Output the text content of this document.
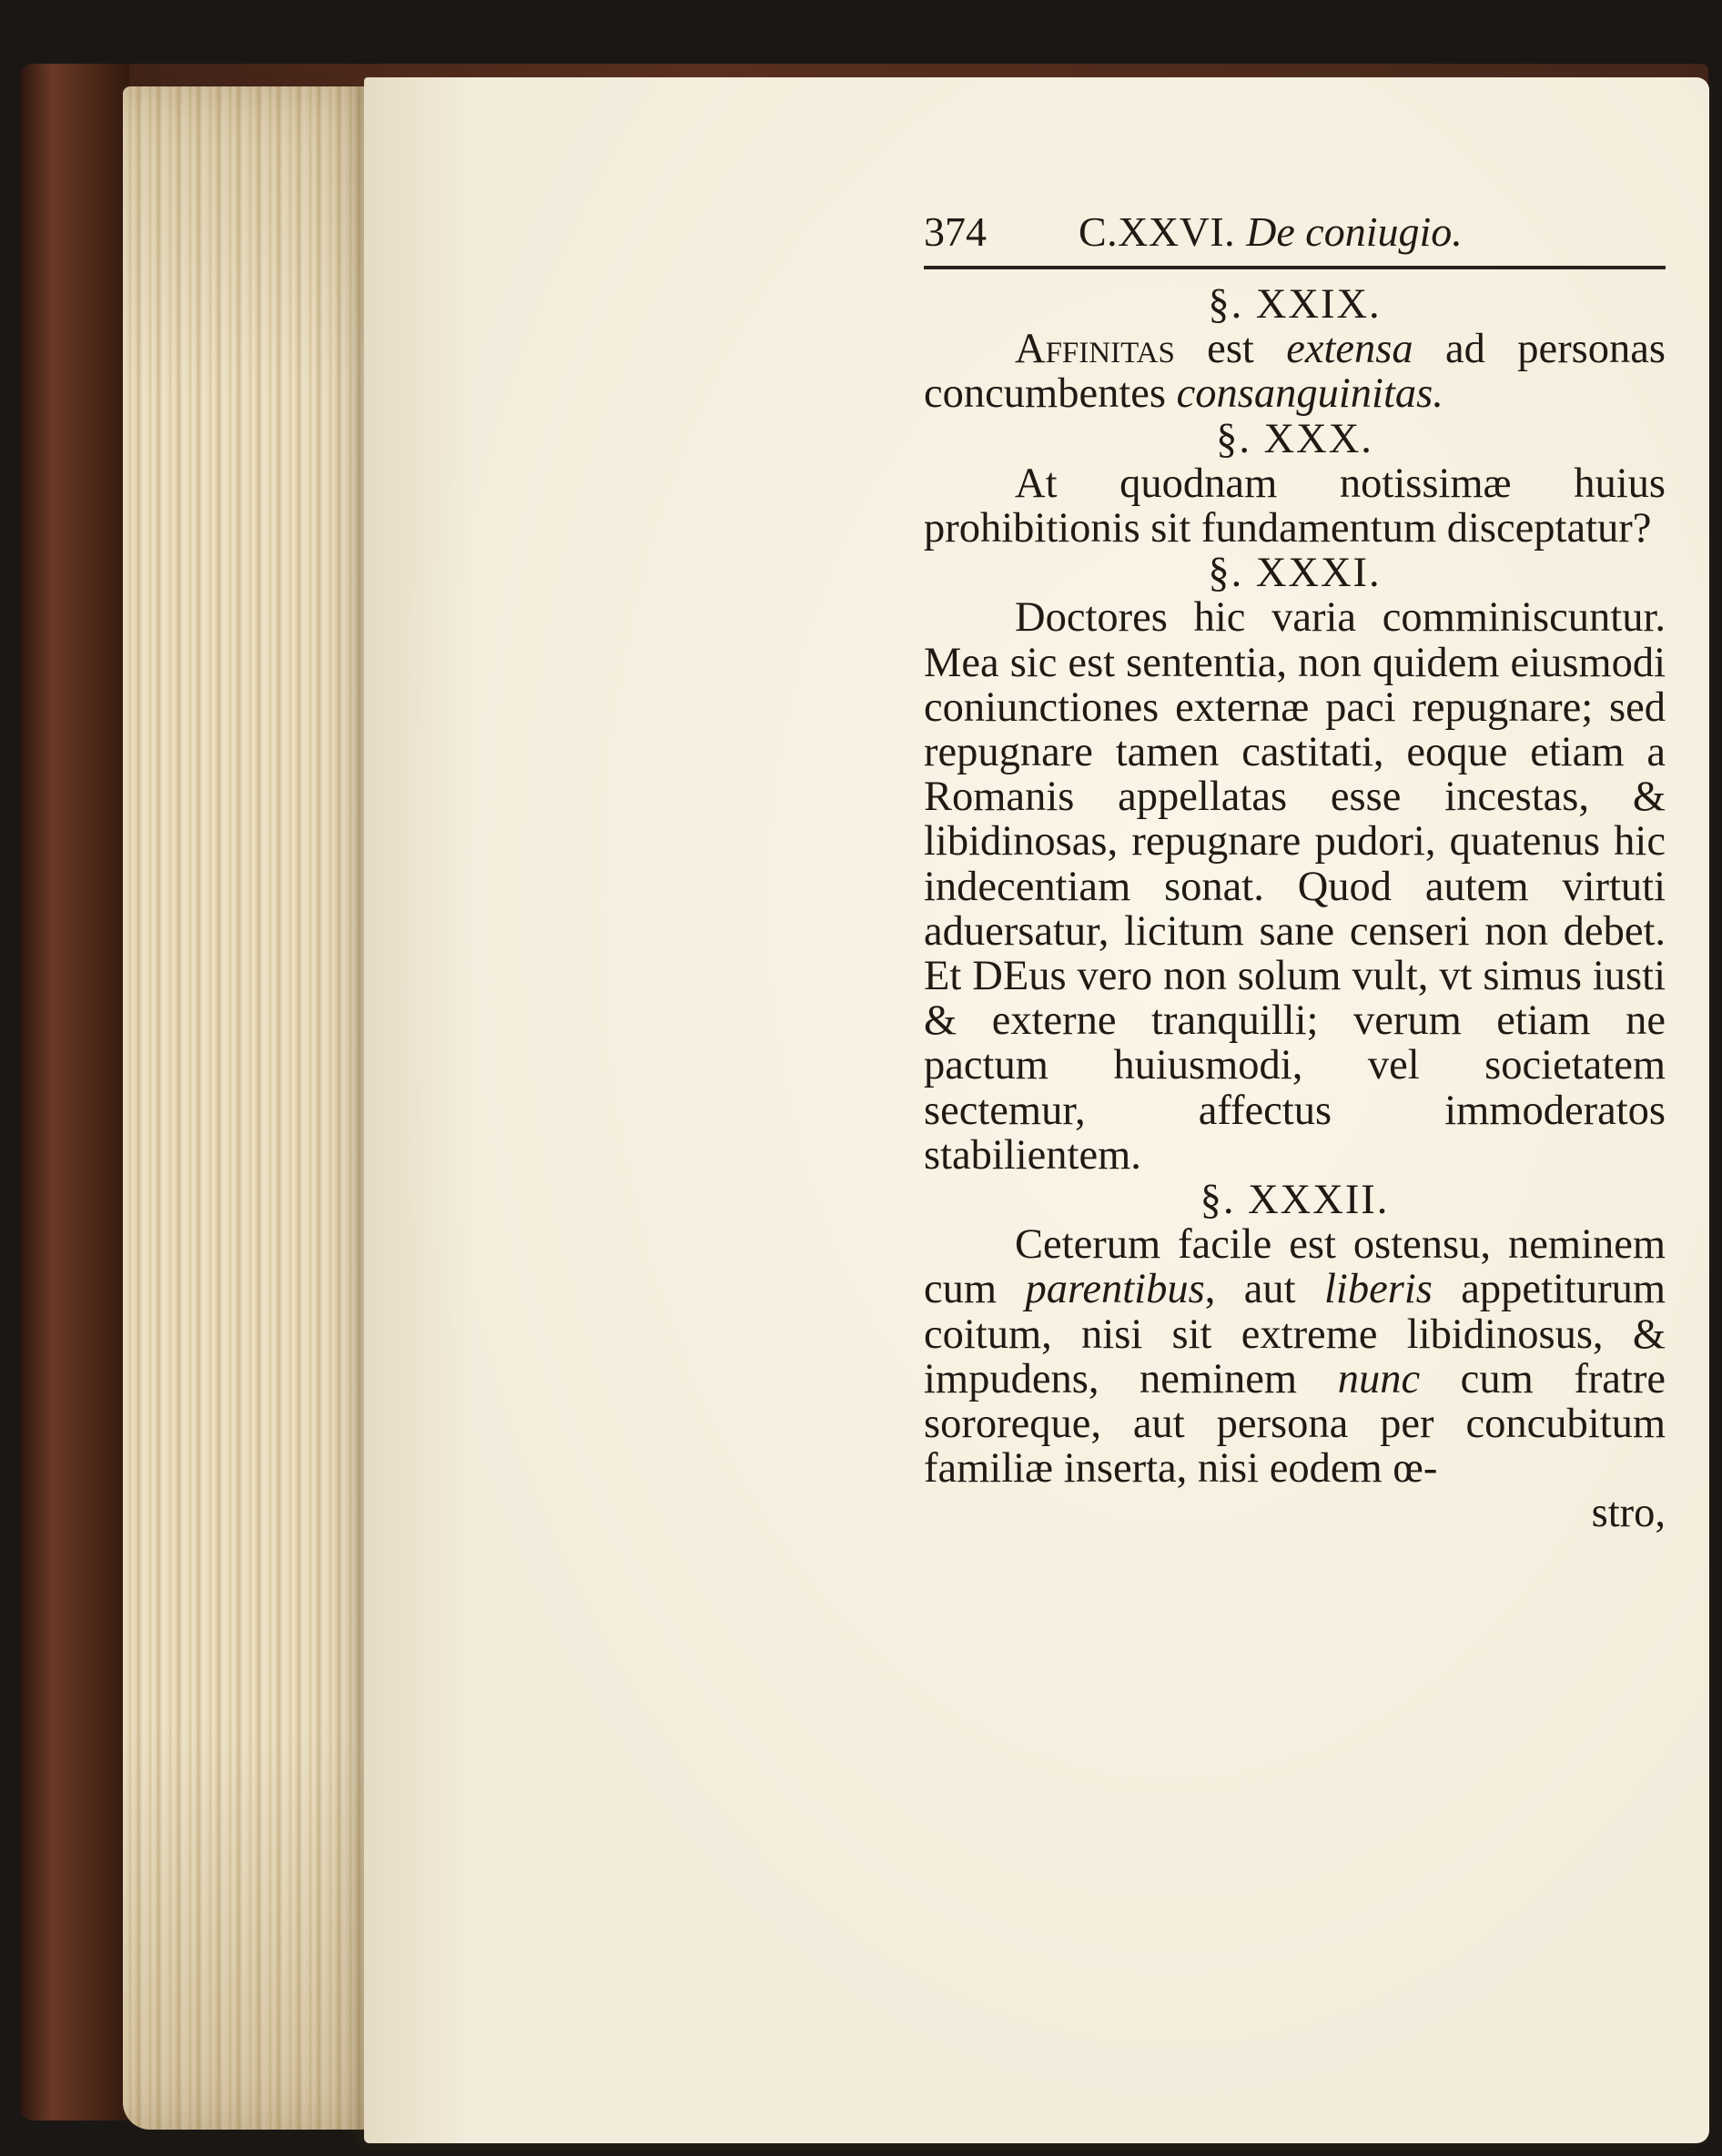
374	C.XXVI. De coniugio.

§. XXIX.

Affinitas est extensa ad personas concumbentes consanguinitas.

§. XXX.

At quodnam notissimæ huius prohibitionis sit fundamentum disceptatur?

§. XXXI.

Doctores hic varia comminiscuntur. Mea sic est sententia, non quidem eiusmodi coniunctiones externæ paci repugnare; sed repugnare tamen castitati, eoque etiam a Romanis appellatas esse incestas, & libidinosas, repugnare pudori, quatenus hic indecentiam sonat. Quod autem virtuti aduersatur, licitum sane censeri non debet. Et DEus vero non solum vult, vt simus iusti & externe tranquilli; verum etiam ne pactum huiusmodi, vel societatem sectemur, affectus immoderatos stabilientem.

§. XXXII.

Ceterum facile est ostensu, neminem cum parentibus, aut liberis appetiturum coitum, nisi sit extreme libidinosus, & impudens, neminem nunc cum fratre sororeque, aut persona per concubitum familiæ inserta, nisi eodem œ-

stro,
